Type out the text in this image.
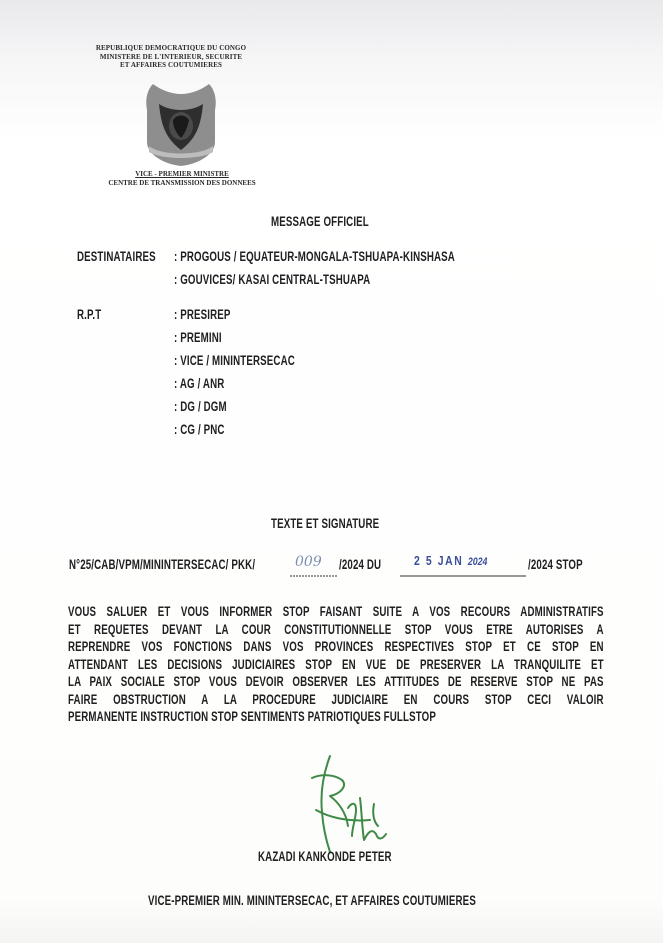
REPUBLIQUE DEMOCRATIQUE DU CONGO
MINISTERE DE L'INTERIEUR, SECURITE
ET AFFAIRES COUTUMIERES
VICE - PREMIER MINISTRE
CENTRE DE TRANSMISSION DES DONNEES
MESSAGE OFFICIEL
DESTINATAIRES : PROGOUS / EQUATEUR-MONGALA-TSHUAPA-KINSHASA
: GOUVICES/ KASAI CENTRAL-TSHUAPA
R.P.T	: PRESIREP
: PREMINI
: VICE / MININTERSECAC
: AG / ANR
: DG / DGM
: CG / PNC
TEXTE ET SIGNATURE
N°25/CAB/VPM/MININTERSECAC/ PKK/	009 /2024 DU	2 5 JAN 2024	/2024 STOP
VOUS SALUER ET VOUS INFORMER STOP FAISANT SUITE A VOS RECOURS ADMINISTRATIFS
ET REQUETES DEVANT LA COUR CONSTITUTIONNELLE STOP VOUS ETRE AUTORISES A
REPRENDRE VOS FONCTIONS DANS VOS PROVINCES RESPECTIVES STOP ET CE STOP EN
ATTENDANT LES DECISIONS JUDICIAIRES STOP EN VUE DE PRESERVER LA TRANQUILITE ET
LA PAIX SOCIALE STOP VOUS DEVOIR OBSERVER LES ATTITUDES DE RESERVE STOP NE PAS
FAIRE OBSTRUCTION A LA PROCEDURE JUDICIAIRE EN COURS STOP CECI VALOIR
PERMANENTE INSTRUCTION STOP SENTIMENTS PATRIOTIQUES FULLSTOP
KAZADI KANKONDE PETER
VICE-PREMIER MIN. MININTERSECAC, ET AFFAIRES COUTUMIERES
